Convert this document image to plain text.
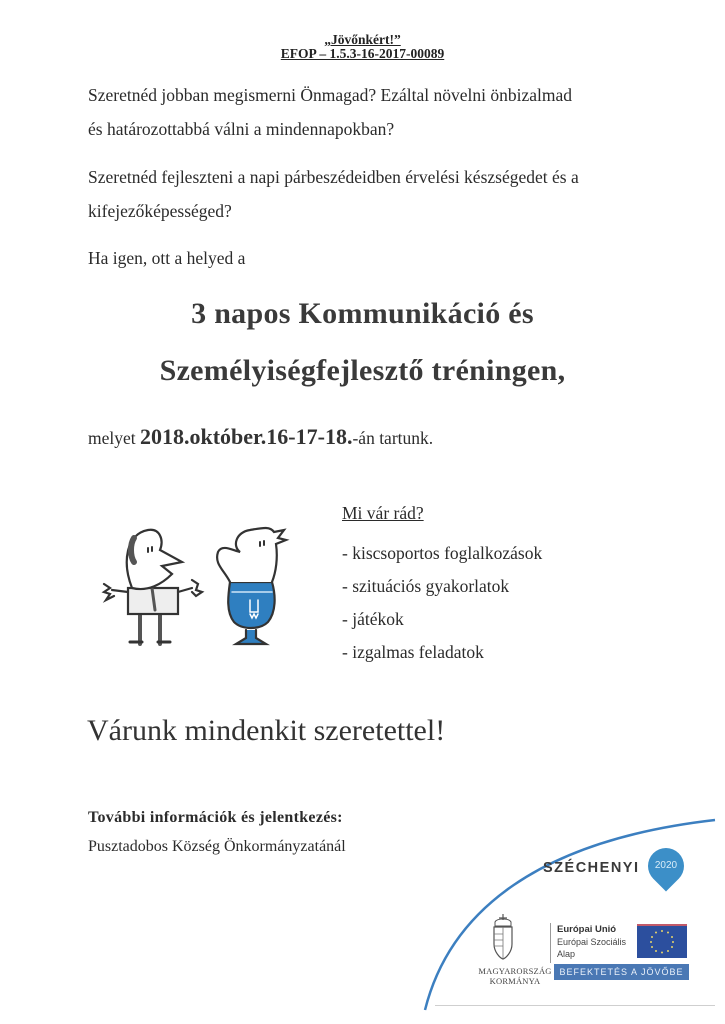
„Jövőnkért!”
EFOP – 1.5.3-16-2017-00089
Szeretnéd jobban megismerni Önmagad? Ezáltal növelni önbizalmad
és határozottabbá válni a mindennapokban?
Szeretnéd fejleszteni a napi párbeszédeidben érvelési készségedet és a
kifejezőképességed?
Ha igen, ott a helyed a
3 napos Kommunikáció és
Személyiségfejlesztő tréningen,
melyet 2018.október.16-17-18.-án tartunk.
Mi vár rád?
- kiscsoportos foglalkozások
- szituációs gyakorlatok
- játékok
- izgalmas feladatok
Várunk mindenkit szeretettel!
További információk és jelentkezés:
Pusztadobos Község Önkormányzatánál
SZÉCHENYI	2020
MAGYARORSZÁG
KORMÁNYA
Európai Unió
Európai Szociális
Alap
BEFEKTETÉS A JÖVŐBE
